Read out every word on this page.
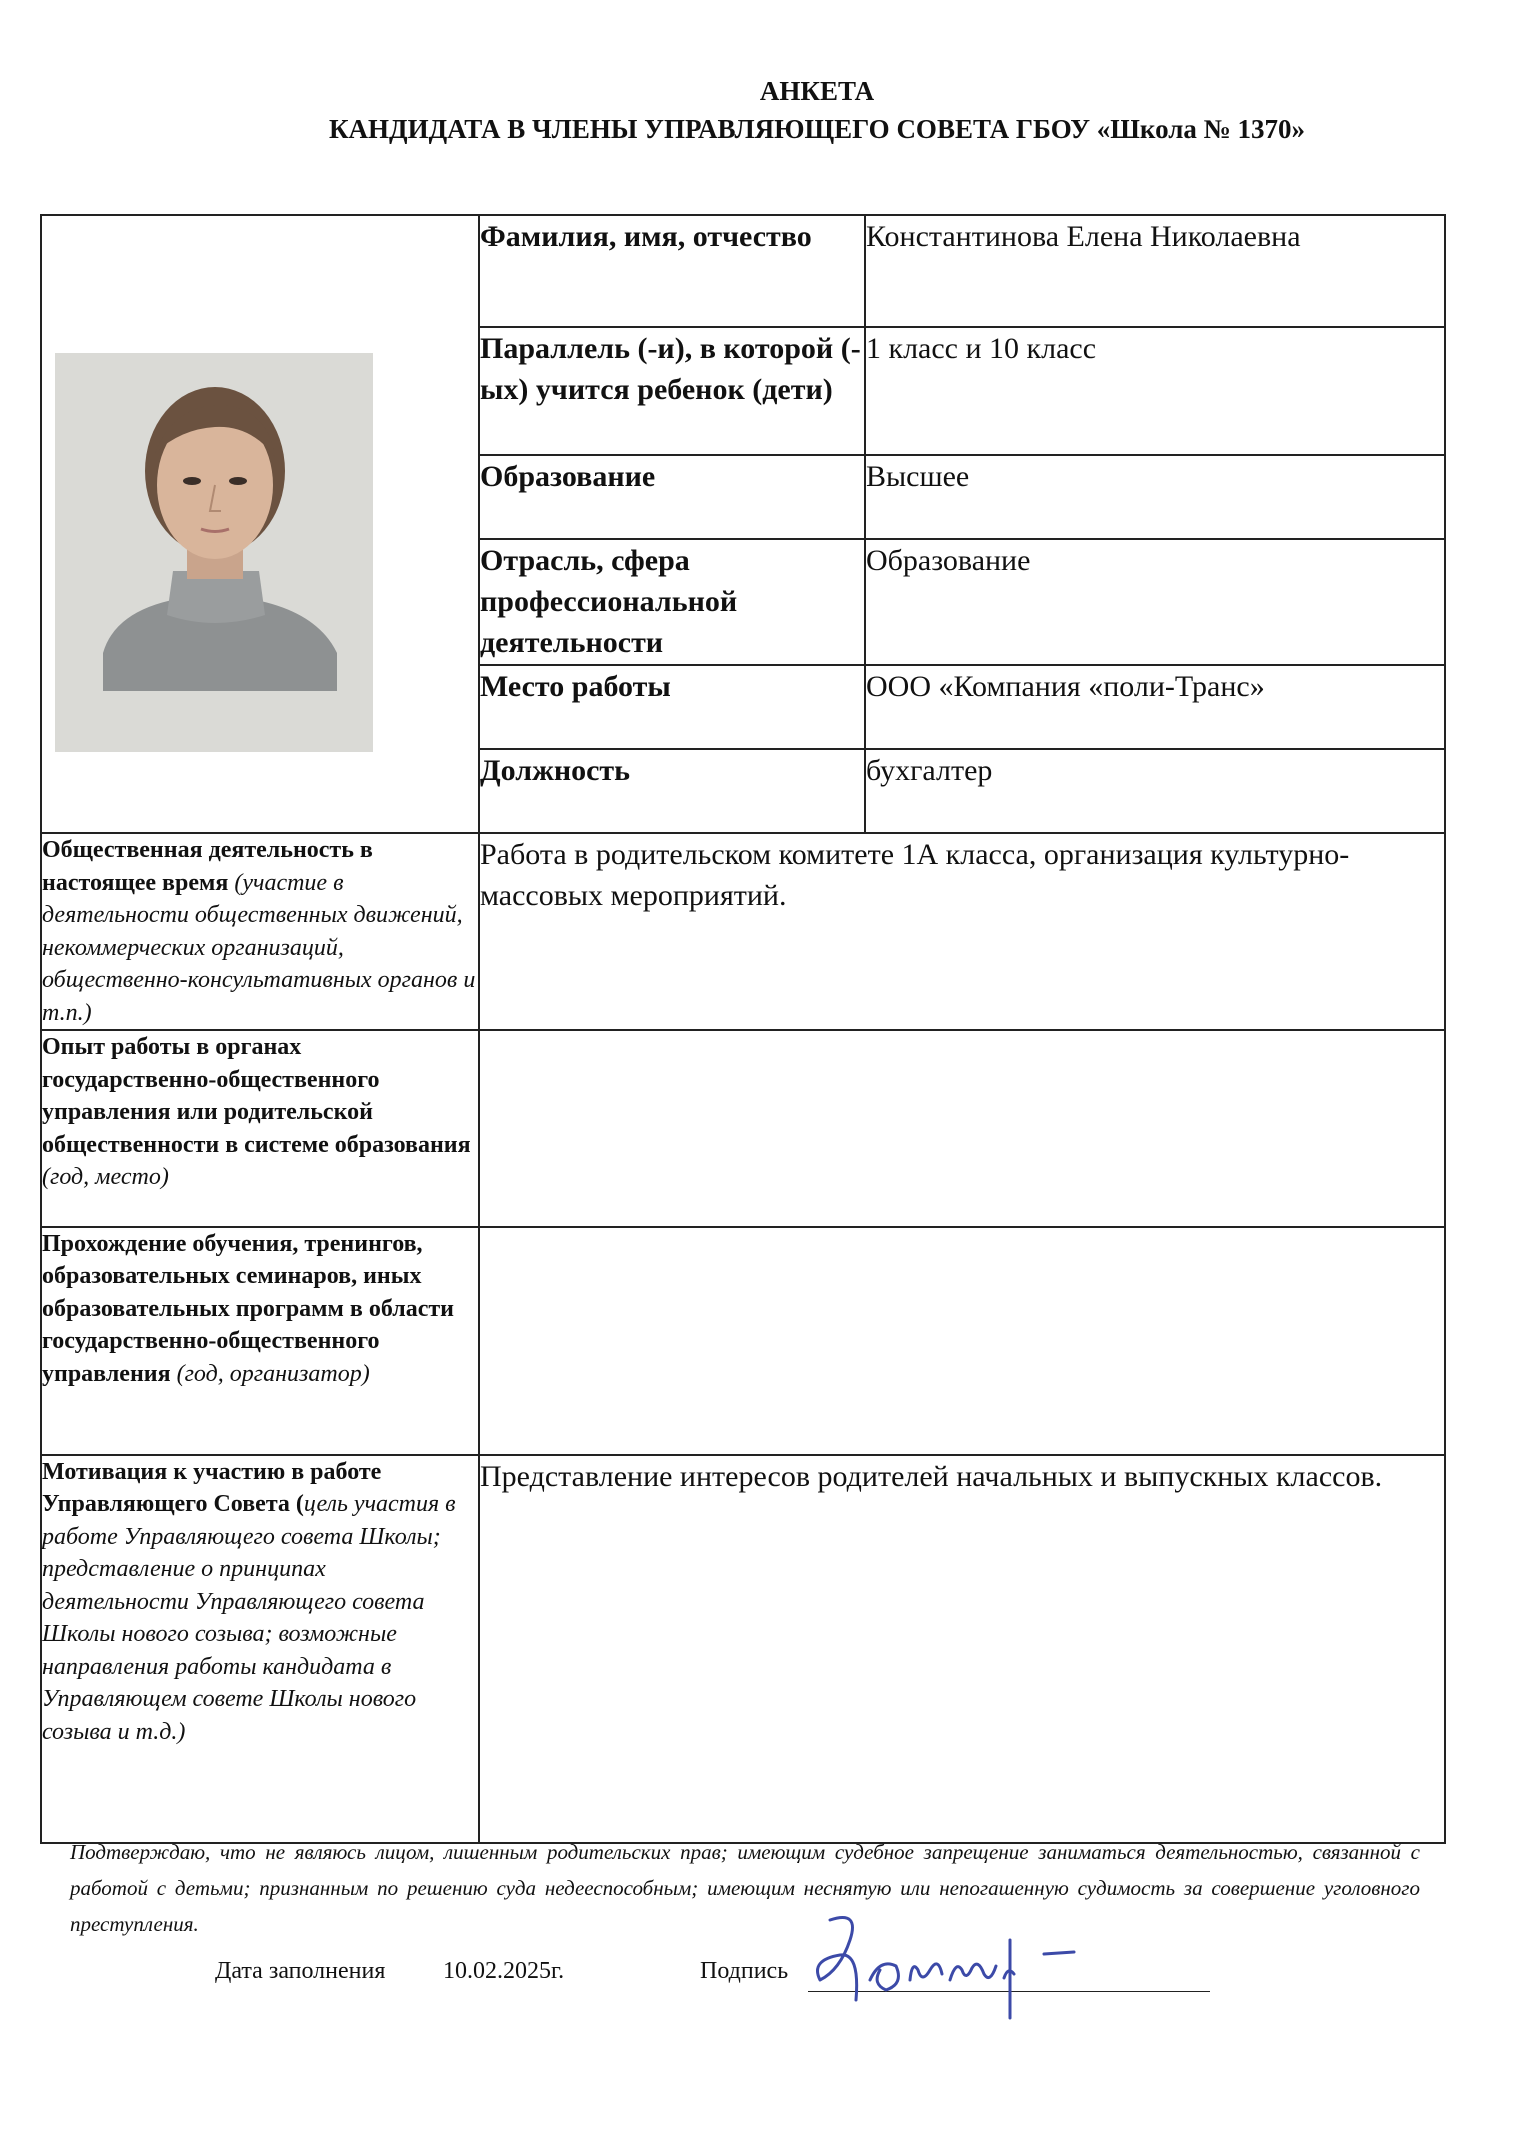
АНКЕТА
КАНДИДАТА В ЧЛЕНЫ УПРАВЛЯЮЩЕГО СОВЕТА ГБОУ «Школа № 1370»
	Фамилия, имя, отчество	Константинова Елена Николаевна
	Параллель (-и), в которой (-ых) учится ребенок (дети)	1 класс и 10 класс
	Образование	Высшее
	Отрасль, сфера профессиональной деятельности	Образование
	Место работы	ООО «Компания «поли-Транс»
	Должность	бухгалтер
Общественная деятельность в настоящее время (участие в деятельности общественных движений, некоммерческих организаций, общественно-консультативных органов и т.п.)	Работа в родительском комитете 1А класса, организация культурно-массовых мероприятий.	
Опыт работы в органах государственно-общественного управления или родительской общественности в системе образования (год, место)		
Прохождение обучения, тренингов, образовательных семинаров, иных образовательных программ в области государственно-общественного управления (год, организатор)		
Мотивация к участию в работе Управляющего Совета (цель участия в работе Управляющего совета Школы; представление о принципах деятельности Управляющего совета Школы нового созыва; возможные направления работы кандидата в Управляющем совете Школы нового созыва и т.д.)	Представление интересов родителей начальных и выпускных классов.	
Подтверждаю, что не являюсь лицом, лишенным родительских прав; имеющим судебное запрещение заниматься деятельностью, связанной с работой с детьми; признанным по решению суда недееспособным; имеющим неснятую или непогашенную судимость за совершение уголовного преступления.
Дата заполнения 10.02.2025г.	Подпись
